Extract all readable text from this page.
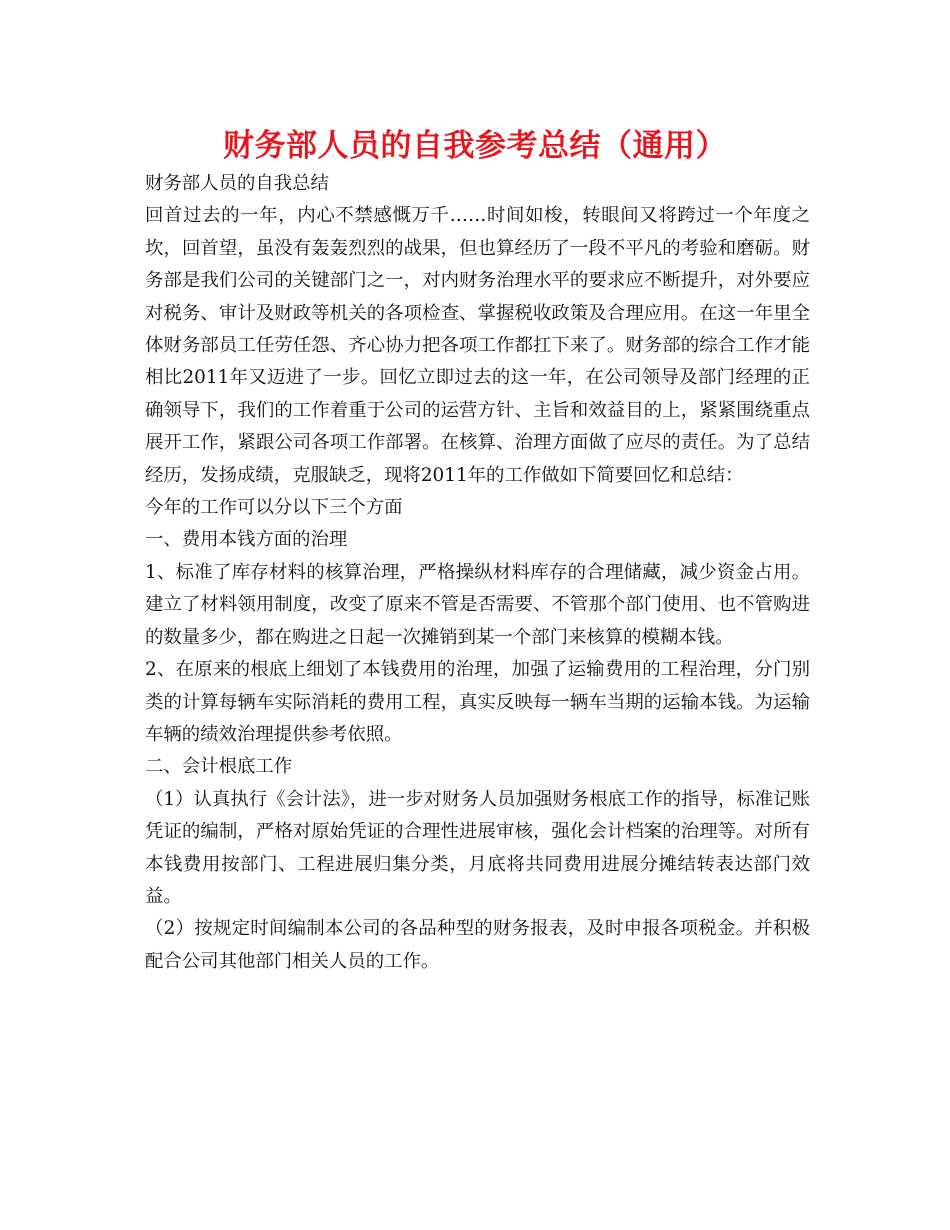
财务部人员的自我参考总结（通用）

财务部人员的自我总结

回首过去的一年，内心不禁感慨万千……时间如梭，转眼间又将跨过一个年度之坎，回首望，虽没有轰轰烈烈的战果，但也算经历了一段不平凡的考验和磨砺。财务部是我们公司的关键部门之一，对内财务治理水平的要求应不断提升，对外要应对税务、审计及财政等机关的各项检查、掌握税收政策及合理应用。在这一年里全体财务部员工任劳任怨、齐心协力把各项工作都扛下来了。财务部的综合工作才能相比2011年又迈进了一步。回忆立即过去的这一年，在公司领导及部门经理的正确领导下，我们的工作着重于公司的运营方针、主旨和效益目的上，紧紧围绕重点展开工作，紧跟公司各项工作部署。在核算、治理方面做了应尽的责任。为了总结经历，发扬成绩，克服缺乏，现将2011年的工作做如下简要回忆和总结：

今年的工作可以分以下三个方面

一、费用本钱方面的治理

1、标准了库存材料的核算治理，严格操纵材料库存的合理储藏，减少资金占用。建立了材料领用制度，改变了原来不管是否需要、不管那个部门使用、也不管购进的数量多少，都在购进之日起一次摊销到某一个部门来核算的模糊本钱。

2、在原来的根底上细划了本钱费用的治理，加强了运输费用的工程治理，分门别类的计算每辆车实际消耗的费用工程，真实反映每一辆车当期的运输本钱。为运输车辆的绩效治理提供参考依照。

二、会计根底工作

（1）认真执行《会计法》，进一步对财务人员加强财务根底工作的指导，标准记账凭证的编制，严格对原始凭证的合理性进展审核，强化会计档案的治理等。对所有本钱费用按部门、工程进展归集分类，月底将共同费用进展分摊结转表达部门效益。

（2）按规定时间编制本公司的各品种型的财务报表，及时申报各项税金。并积极配合公司其他部门相关人员的工作。
